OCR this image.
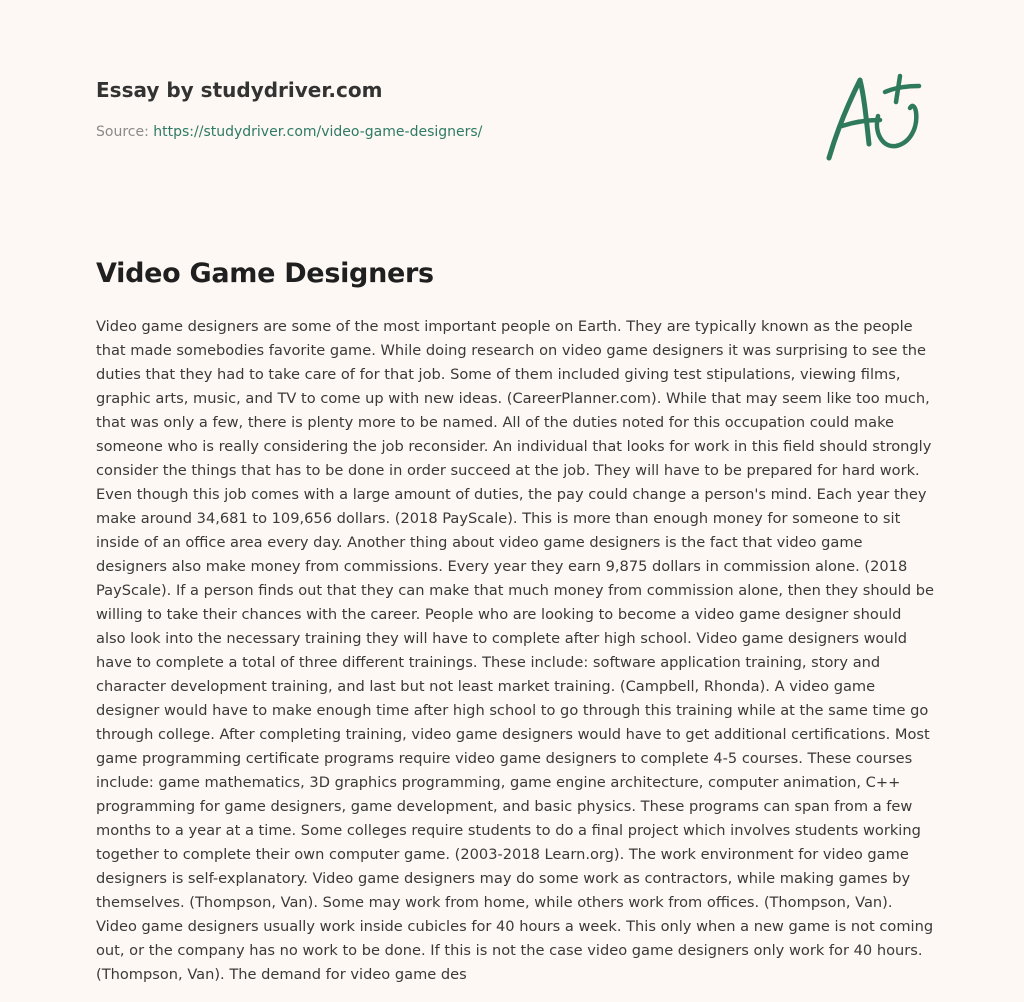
Essay by studydriver.com
Source: https://studydriver.com/video-game-designers/
Video Game Designers

Video game designers are some of the most important people on Earth. They are typically known as the people that made somebodies favorite game. While doing research on video game designers it was surprising to see the duties that they had to take care of for that job. Some of them included giving test stipulations, viewing films, graphic arts, music, and TV to come up with new ideas. (CareerPlanner.com). While that may seem like too much, that was only a few, there is plenty more to be named. All of the duties noted for this occupation could make someone who is really considering the job reconsider. An individual that looks for work in this field should strongly consider the things that has to be done in order succeed at the job. They will have to be prepared for hard work. Even though this job comes with a large amount of duties, the pay could change a person's mind. Each year they make around 34,681 to 109,656 dollars. (2018 PayScale). This is more than enough money for someone to sit inside of an office area every day. Another thing about video game designers is the fact that video game designers also make money from commissions. Every year they earn 9,875 dollars in commission alone. (2018 PayScale). If a person finds out that they can make that much money from commission alone, then they should be willing to take their chances with the career. People who are looking to become a video game designer should also look into the necessary training they will have to complete after high school. Video game designers would have to complete a total of three different trainings. These include: software application training, story and character development training, and last but not least market training. (Campbell, Rhonda). A video game designer would have to make enough time after high school to go through this training while at the same time go through college. After completing training, video game designers would have to get additional certifications. Most game programming certificate programs require video game designers to complete 4-5 courses. These courses include: game mathematics, 3D graphics programming, game engine architecture, computer animation, C++ programming for game designers, game development, and basic physics. These programs can span from a few months to a year at a time. Some colleges require students to do a final project which involves students working together to complete their own computer game. (2003-2018 Learn.org). The work environment for video game designers is self-explanatory. Video game designers may do some work as contractors, while making games by themselves. (Thompson, Van). Some may work from home, while others work from offices. (Thompson, Van). Video game designers usually work inside cubicles for 40 hours a week. This only when a new game is not coming out, or the company has no work to be done. If this is not the case video game designers only work for 40 hours. (Thompson, Van). The demand for video game des
